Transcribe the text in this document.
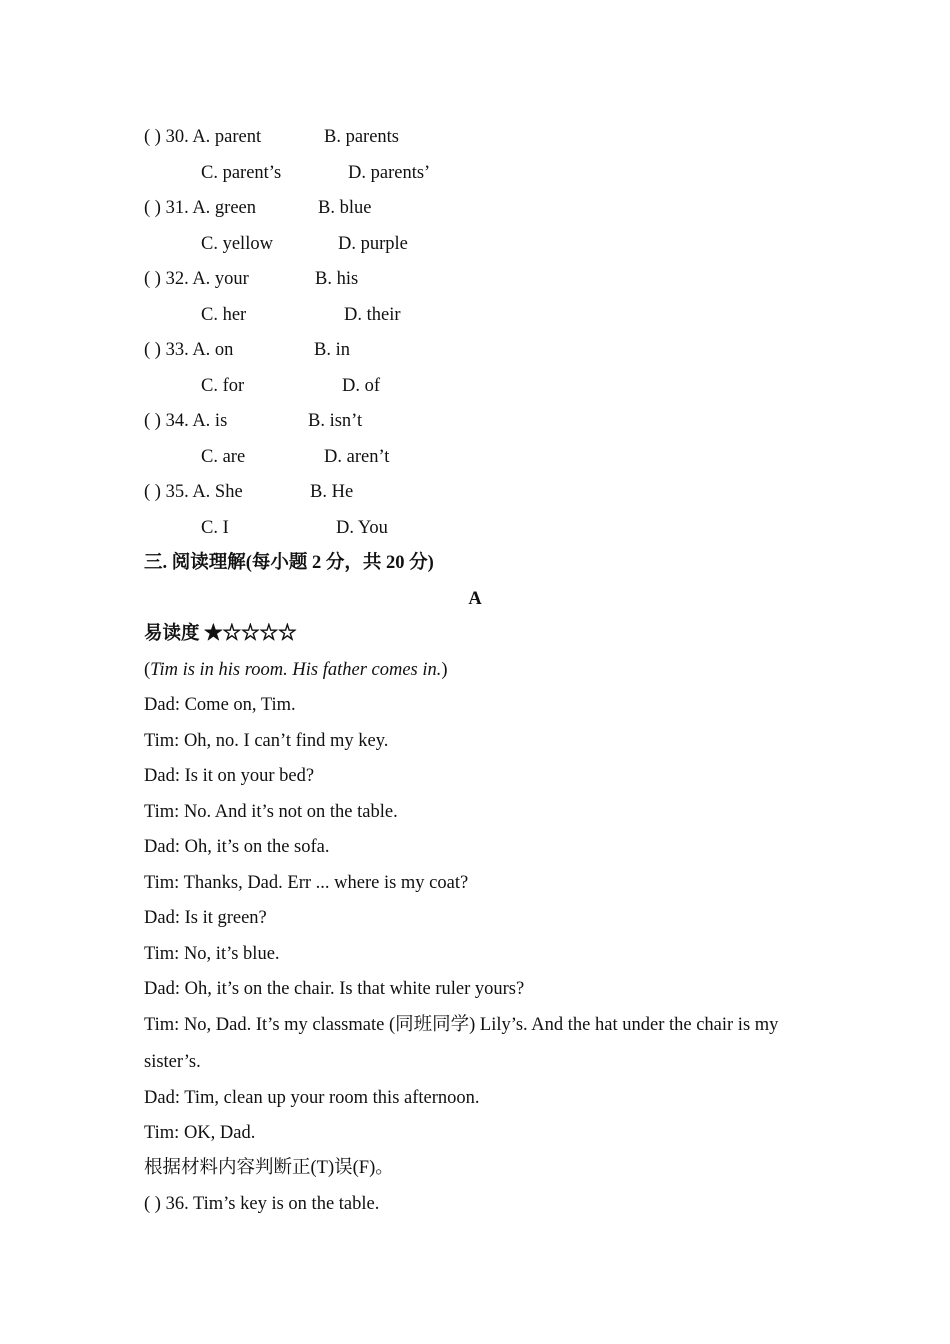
( ) 30. A. parent	B. parents
C. parent’s	D. parents’
( ) 31. A. green	B. blue
C. yellow	D. purple
( ) 32. A. your	B. his
C. her	D. their
( ) 33. A. on	B. in
C. for	D. of
( ) 34. A. is	B. isn’t
C. are	D. aren’t
( ) 35. A. She	B. He
C. I	D. You
三. 阅读理解(每小题 2 分，共 20 分)
A
易读度 ★☆☆☆☆
(Tim is in his room. His father comes in.)
Dad: Come on, Tim.
Tim: Oh, no. I can’t find my key.
Dad: Is it on your bed?
Tim: No. And it’s not on the table.
Dad: Oh, it’s on the sofa.
Tim: Thanks, Dad. Err ... where is my coat?
Dad: Is it green?
Tim: No, it’s blue.
Dad: Oh, it’s on the chair. Is that white ruler yours?
Tim: No, Dad. It’s my classmate (同班同学) Lily’s. And the hat under the chair is my sister’s.
Dad: Tim, clean up your room this afternoon.
Tim: OK, Dad.
根据材料内容判断正(T)误(F)。
( ) 36. Tim’s key is on the table.
